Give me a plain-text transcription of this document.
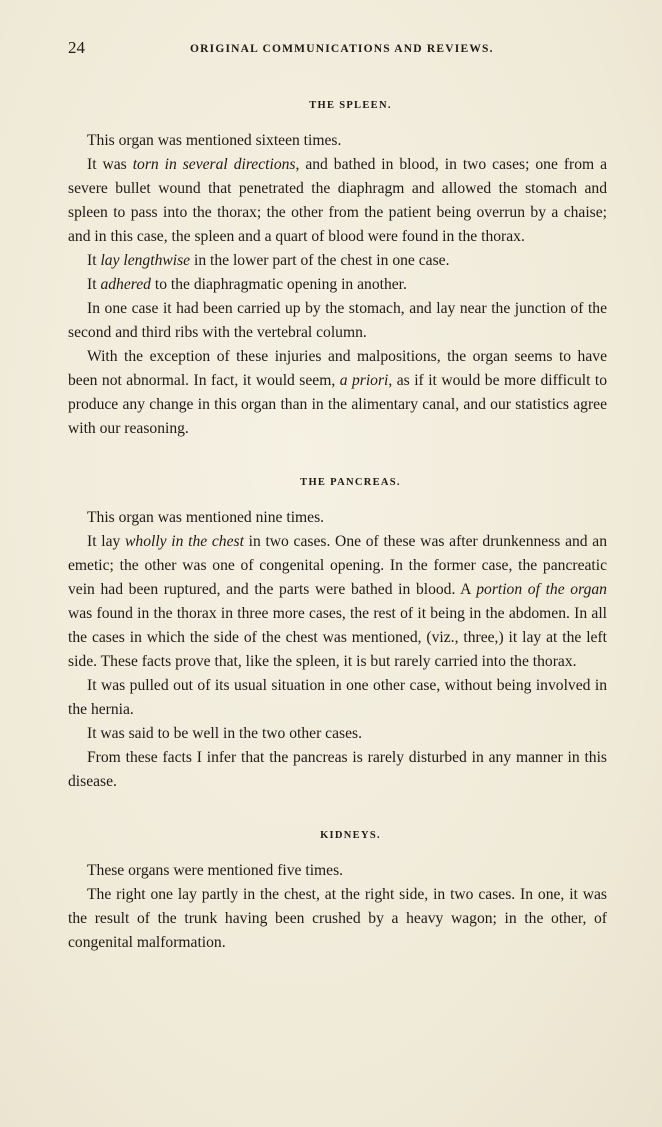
24	ORIGINAL COMMUNICATIONS AND REVIEWS.
THE SPLEEN.

This organ was mentioned sixteen times.

It was torn in several directions, and bathed in blood, in two cases; one from a severe bullet wound that penetrated the diaphragm and allowed the stomach and spleen to pass into the thorax; the other from the patient being overrun by a chaise; and in this case, the spleen and a quart of blood were found in the thorax.

It lay lengthwise in the lower part of the chest in one case.

It adhered to the diaphragmatic opening in another.

In one case it had been carried up by the stomach, and lay near the junction of the second and third ribs with the vertebral column.

With the exception of these injuries and malpositions, the organ seems to have been not abnormal. In fact, it would seem, a priori, as if it would be more difficult to produce any change in this organ than in the alimentary canal, and our statistics agree with our reasoning.

THE PANCREAS.

This organ was mentioned nine times.

It lay wholly in the chest in two cases. One of these was after drunkenness and an emetic; the other was one of congenital opening. In the former case, the pancreatic vein had been ruptured, and the parts were bathed in blood. A portion of the organ was found in the thorax in three more cases, the rest of it being in the abdomen. In all the cases in which the side of the chest was mentioned, (viz., three,) it lay at the left side. These facts prove that, like the spleen, it is but rarely carried into the thorax.

It was pulled out of its usual situation in one other case, without being involved in the hernia.

It was said to be well in the two other cases.

From these facts I infer that the pancreas is rarely disturbed in any manner in this disease.

KIDNEYS.

These organs were mentioned five times.

The right one lay partly in the chest, at the right side, in two cases. In one, it was the result of the trunk having been crushed by a heavy wagon; in the other, of congenital malformation.
